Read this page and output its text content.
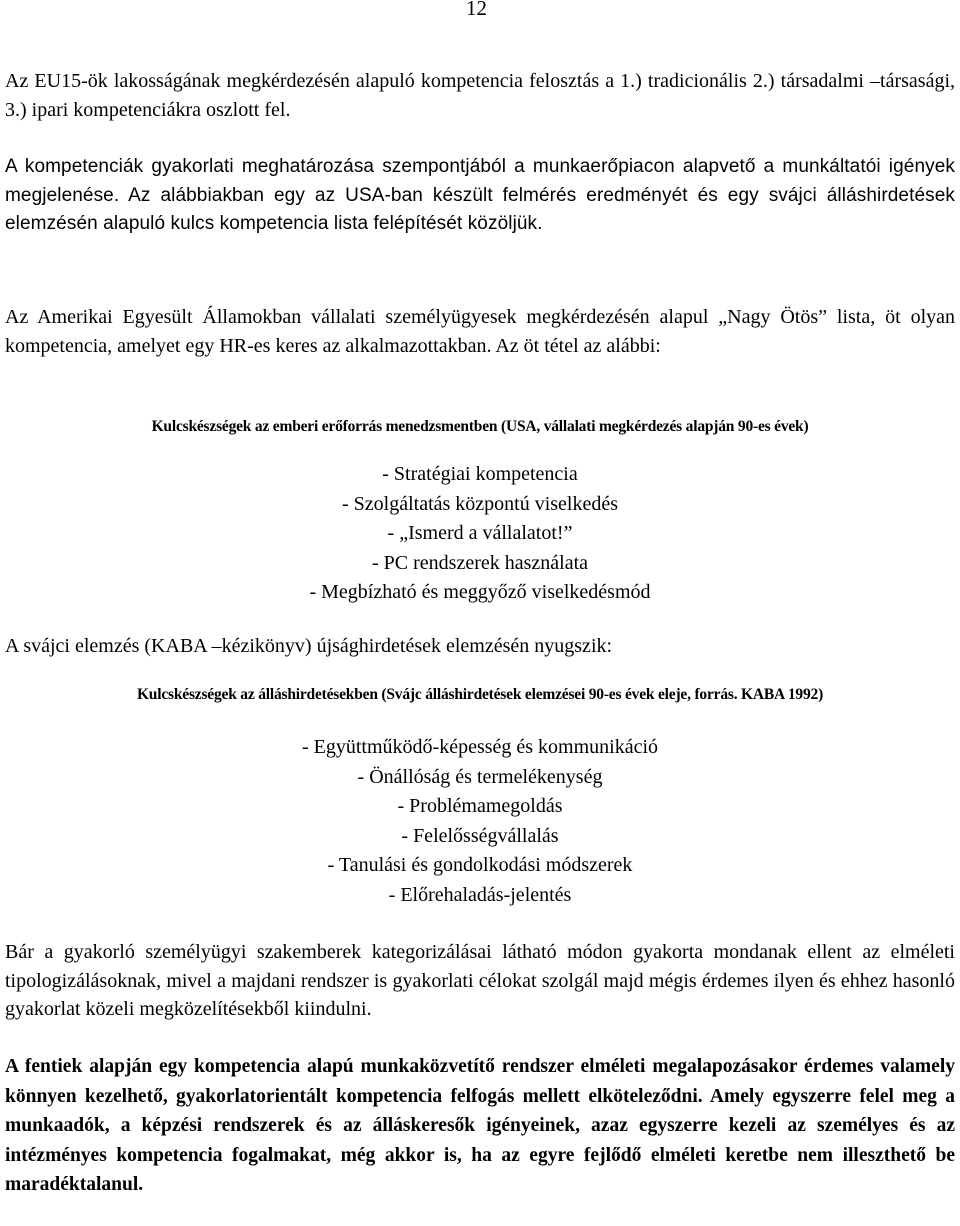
12

Az EU15-ök lakosságának megkérdezésén alapuló kompetencia felosztás a 1.) tradicionális 2.) társadalmi –társasági, 3.) ipari kompetenciákra oszlott fel.

A kompetenciák gyakorlati meghatározása szempontjából a munkaerőpiacon alapvető a munkáltatói igények megjelenése. Az alábbiakban egy az USA-ban készült felmérés eredményét és egy svájci álláshirdetések elemzésén alapuló kulcs kompetencia lista felépítését közöljük.

Az Amerikai Egyesült Államokban vállalati személyügyesek megkérdezésén alapul „Nagy Ötös” lista, öt olyan kompetencia, amelyet egy HR-es keres az alkalmazottakban. Az öt tétel az alábbi:

Kulcskészségek az emberi erőforrás menedzsmentben (USA, vállalati megkérdezés alapján 90-es évek)
- Stratégiai kompetencia
- Szolgáltatás központú viselkedés
- „Ismerd a vállalatot!”
- PC rendszerek használata
- Megbízható és meggyőző viselkedésmód

A svájci elemzés (KABA –kézikönyv) újsághirdetések elemzésén nyugszik:

Kulcskészségek az álláshirdetésekben (Svájc álláshirdetések elemzései 90-es évek eleje, forrás. KABA 1992)
- Együttműködő-képesség és kommunikáció
- Önállóság és termelékenység
- Problémamegoldás
- Felelősségvállalás
- Tanulási és gondolkodási módszerek
- Előrehaladás-jelentés

Bár a gyakorló személyügyi szakemberek kategorizálásai látható módon gyakorta mondanak ellent az elméleti tipologizálásoknak, mivel a majdani rendszer is gyakorlati célokat szolgál majd mégis érdemes ilyen és ehhez hasonló gyakorlat közeli megközelítésekből kiindulni.

A fentiek alapján egy kompetencia alapú munkaközvetítő rendszer elméleti megalapozásakor érdemes valamely könnyen kezelhető, gyakorlatorientált kompetencia felfogás mellett elköteleződni. Amely egyszerre felel meg a munkaadók, a képzési rendszerek és az álláskeresők igényeinek, azaz egyszerre kezeli az személyes és az intézményes kompetencia fogalmakat, még akkor is, ha az egyre fejlődő elméleti keretbe nem illeszthető be maradéktalanul.
